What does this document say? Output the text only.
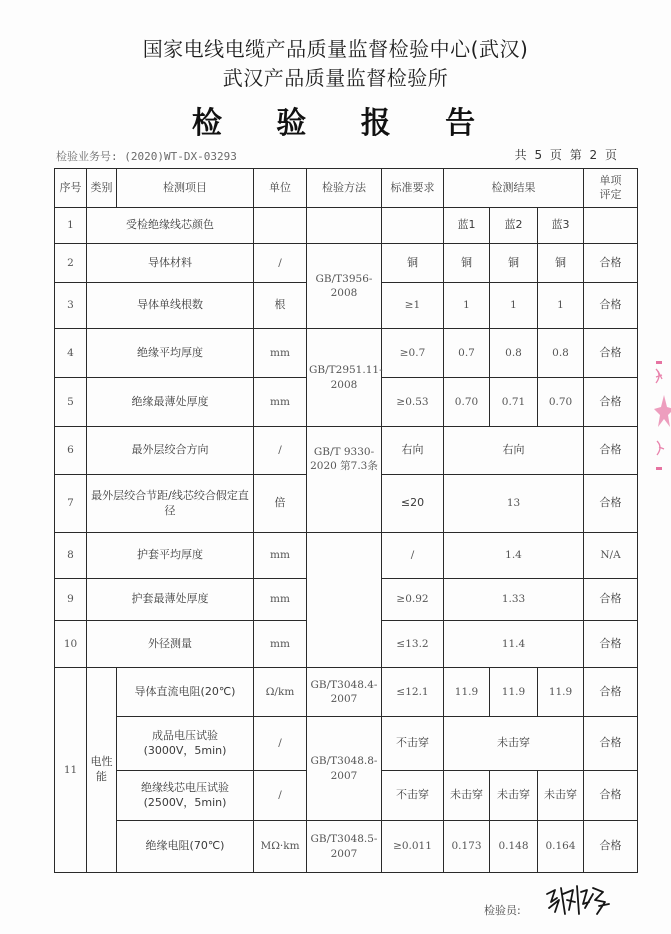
国家电线电缆产品质量监督检验中心(武汉)
武汉产品质量监督检验所
检 验 报 告
检验业务号: (2020)WT-DX-03293	共 5 页 第 2 页
序号	类别	检测项目	单位	检验方法	标准要求	检测结果			单项评定
1	受检绝缘线芯颜色					蓝1	蓝2	蓝3	
2	导体材料		/	GB/T3956-2008	铜	铜	铜	铜	合格
3	导体单线根数		根		≥1	1	1	1	合格
4	绝缘平均厚度		mm	GB/T2951.11-2008	≥0.7	0.7	0.8	0.8	合格
5	绝缘最薄处厚度		mm		≥0.53	0.70	0.71	0.70	合格
6	最外层绞合方向		/	GB/T 9330-2020 第7.3条	右向	右向			合格
7	最外层绞合节距/线芯绞合假定直径		倍		≤20	13			合格
8	护套平均厚度		mm		/	1.4			N/A
9	护套最薄处厚度		mm		≥0.92	1.33			合格
10	外径测量		mm		≤13.2	11.4			合格
11	电性能	导体直流电阻(20℃)	Ω/km	GB/T3048.4-2007	≤12.1	11.9	11.9	11.9	合格
		成品电压试验 (3000V，5min)	/	GB/T3048.8-2007	不击穿	未击穿			合格
		绝缘线芯电压试验 (2500V，5min)	/		不击穿	未击穿	未击穿	未击穿	合格
		绝缘电阻(70℃)	MΩ·km	GB/T3048.5-2007	≥0.011	0.173	0.148	0.164	合格
检验员:
